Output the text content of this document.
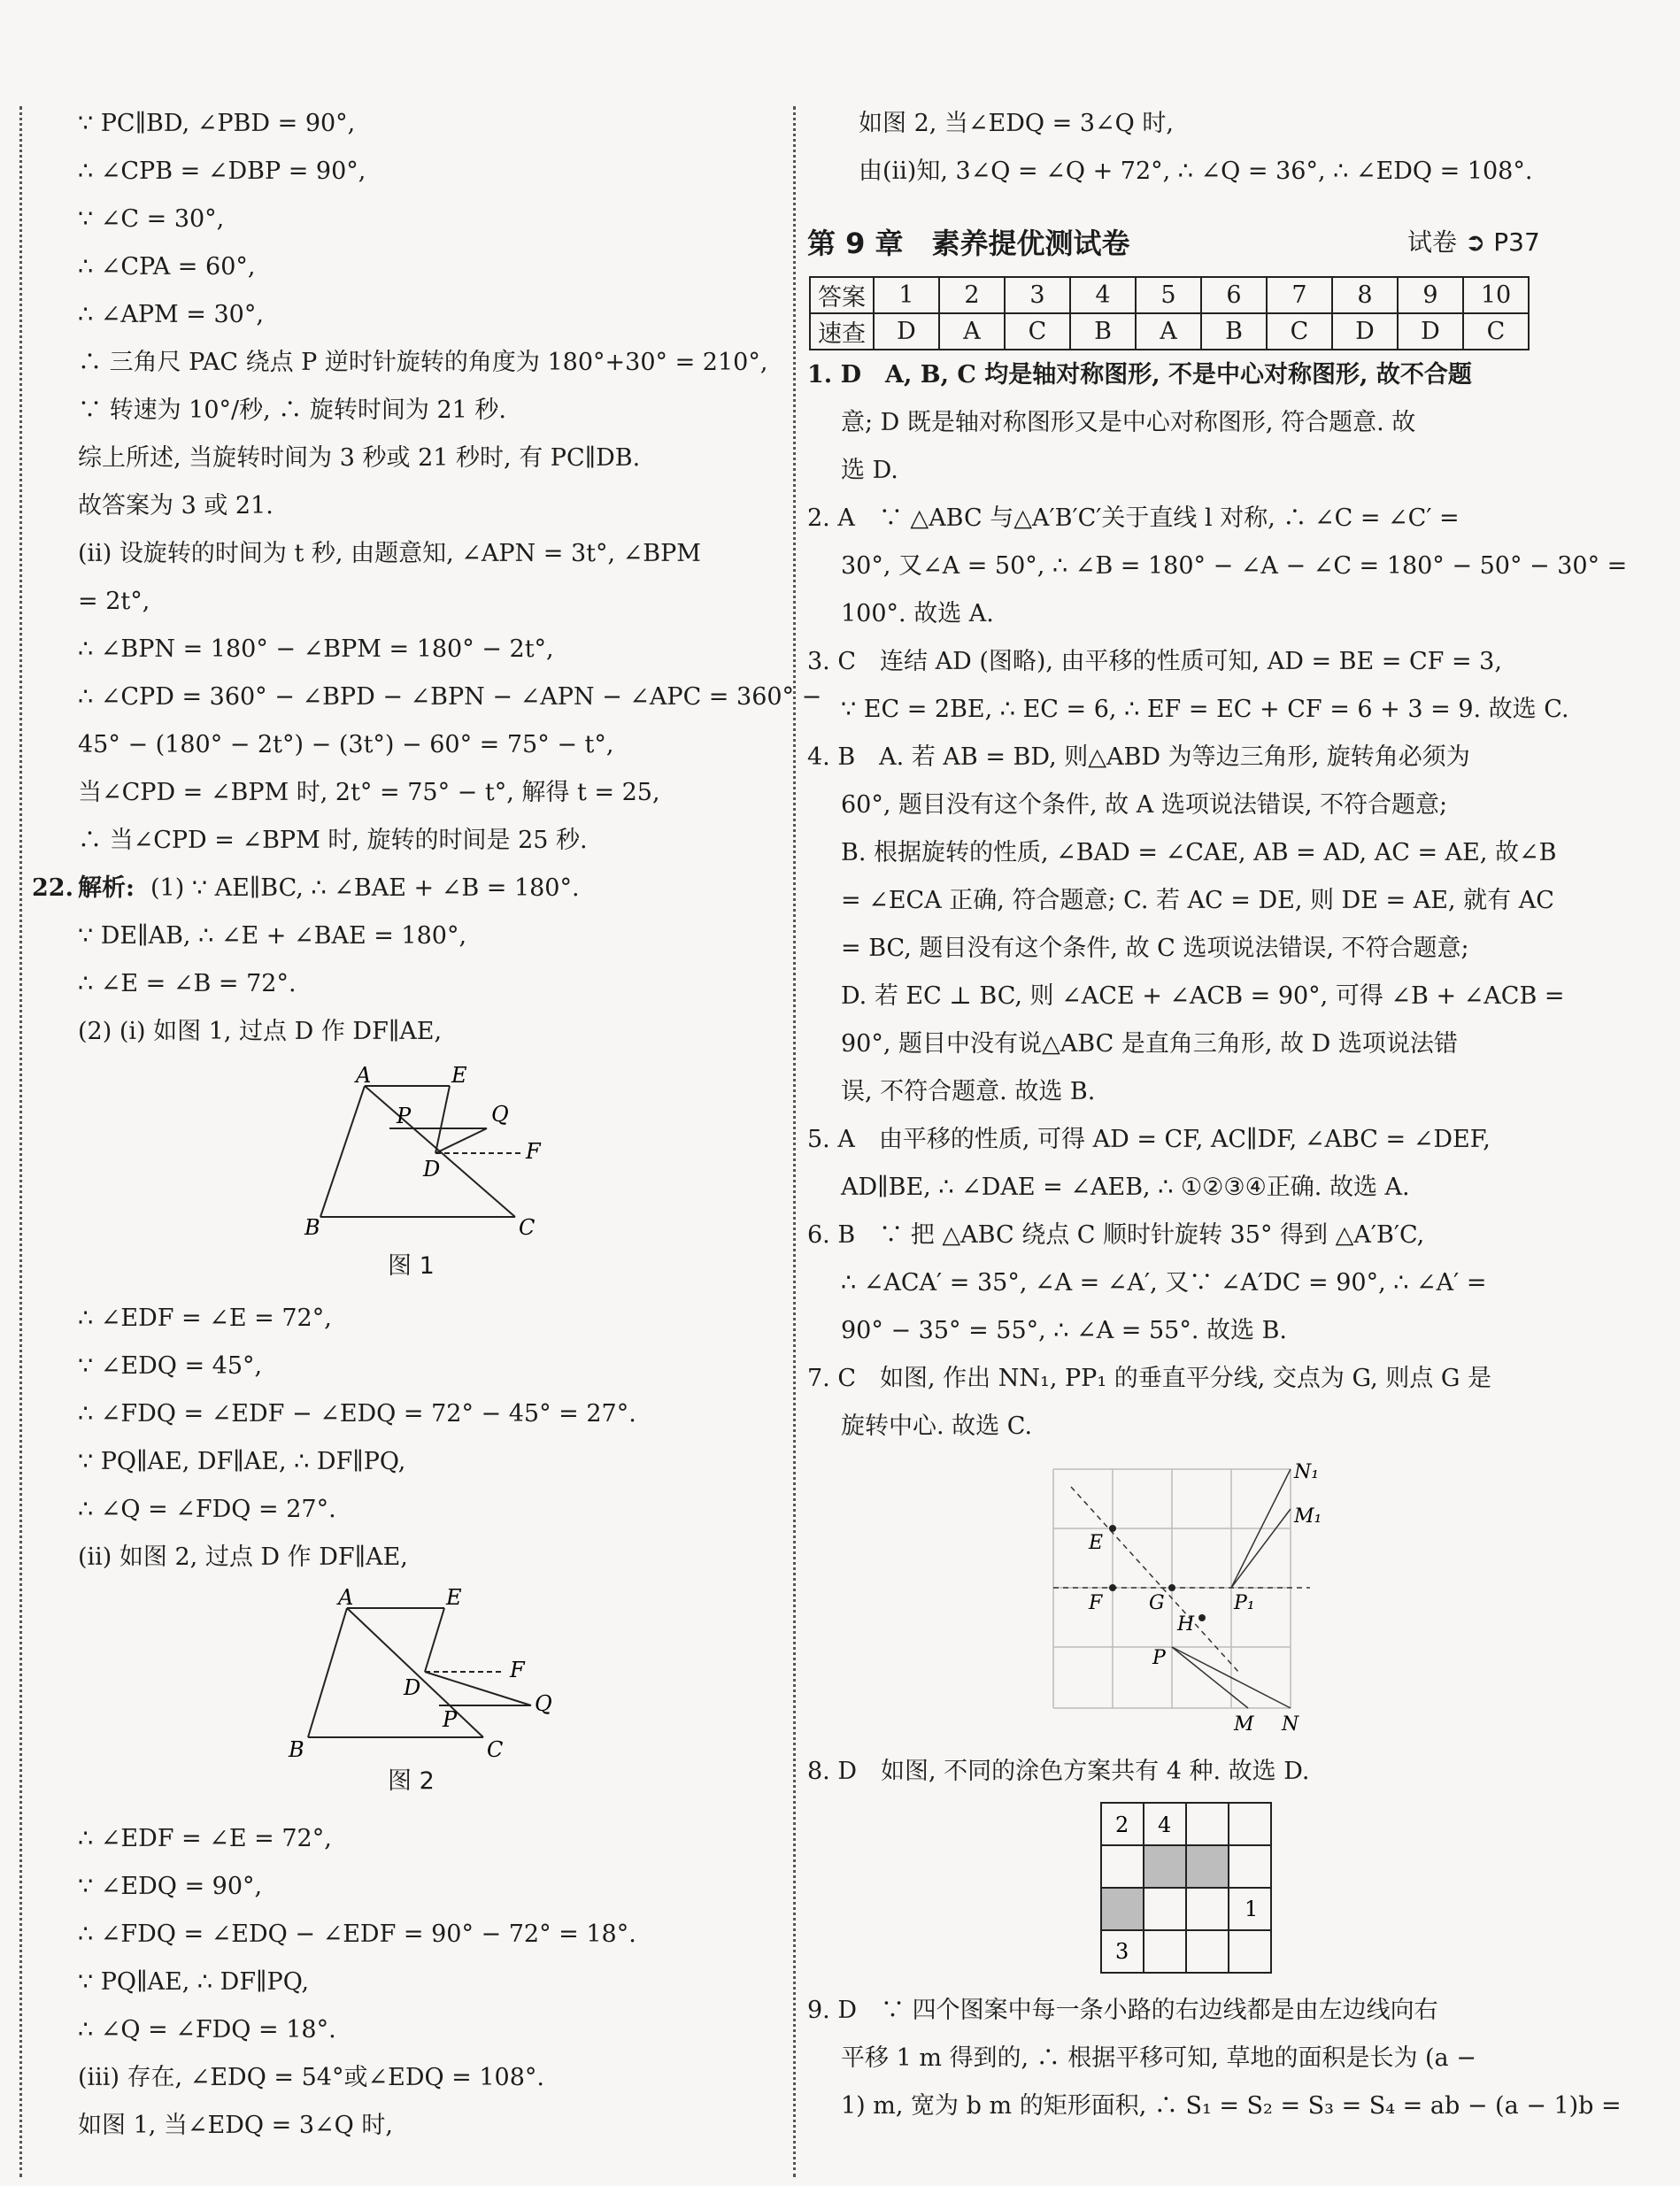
∵ PC∥BD, ∠PBD = 90°,
∴ ∠CPB = ∠DBP = 90°,
∵ ∠C = 30°,
∴ ∠CPA = 60°,
∴ ∠APM = 30°,
∴ 三角尺 PAC 绕点 P 逆时针旋转的角度为 180°+30° = 210°,
∵ 转速为 10°/秒, ∴ 旋转时间为 21 秒.
综上所述, 当旋转时间为 3 秒或 21 秒时, 有 PC∥DB.
故答案为 3 或 21.
(ⅱ) 设旋转的时间为 t 秒, 由题意知, ∠APN = 3t°, ∠BPM
= 2t°,
∴ ∠BPN = 180° − ∠BPM = 180° − 2t°,
∴ ∠CPD = 360° − ∠BPD − ∠BPN − ∠APN − ∠APC = 360° −
45° − (180° − 2t°) − (3t°) − 60° = 75° − t°,
当∠CPD = ∠BPM 时, 2t° = 75° − t°, 解得 t = 25,
∴ 当∠CPD = ∠BPM 时, 旋转的时间是 25 秒.
22. 解析: (1) ∵ AE∥BC, ∴ ∠BAE + ∠B = 180°.
∵ DE∥AB, ∴ ∠E + ∠BAE = 180°,
∴ ∠E = ∠B = 72°.
(2) (ⅰ) 如图 1, 过点 D 作 DF∥AE,
A	E
P	Q
F
D
B	C
图 1
∴ ∠EDF = ∠E = 72°,
∵ ∠EDQ = 45°,
∴ ∠FDQ = ∠EDF − ∠EDQ = 72° − 45° = 27°.
∵ PQ∥AE, DF∥AE, ∴ DF∥PQ,
∴ ∠Q = ∠FDQ = 27°.
(ⅱ) 如图 2, 过点 D 作 DF∥AE,
A	E
F
D
Q
P
B	C
图 2
∴ ∠EDF = ∠E = 72°,
∵ ∠EDQ = 90°,
∴ ∠FDQ = ∠EDQ − ∠EDF = 90° − 72° = 18°.
∵ PQ∥AE, ∴ DF∥PQ,
∴ ∠Q = ∠FDQ = 18°.
(ⅲ) 存在, ∠EDQ = 54°或∠EDQ = 108°.
如图 1, 当∠EDQ = 3∠Q 时,
如图 2, 当∠EDQ = 3∠Q 时,
由(ⅱ)知, 3∠Q = ∠Q + 72°, ∴ ∠Q = 36°, ∴ ∠EDQ = 108°.
第 9 章　素养提优测试卷	试卷 ➲ P37
答案	1	2	3	4	5	6	7	8	9	10
速查	D	A	C	B	A	B	C	D	D	C
1. D　A, B, C 均是轴对称图形, 不是中心对称图形, 故不合题
意; D 既是轴对称图形又是中心对称图形, 符合题意. 故
选 D.
2. A　∵ △ABC 与△A′B′C′关于直线 l 对称, ∴ ∠C = ∠C′ =
30°, 又∠A = 50°, ∴ ∠B = 180° − ∠A − ∠C = 180° − 50° − 30° =
100°. 故选 A.
3. C　连结 AD (图略), 由平移的性质可知, AD = BE = CF = 3,
∵ EC = 2BE, ∴ EC = 6, ∴ EF = EC + CF = 6 + 3 = 9. 故选 C.
4. B　A. 若 AB = BD, 则△ABD 为等边三角形, 旋转角必须为
60°, 题目没有这个条件, 故 A 选项说法错误, 不符合题意;
B. 根据旋转的性质, ∠BAD = ∠CAE, AB = AD, AC = AE, 故∠B
= ∠ECA 正确, 符合题意; C. 若 AC = DE, 则 DE = AE, 就有 AC
= BC, 题目没有这个条件, 故 C 选项说法错误, 不符合题意;
D. 若 EC ⊥ BC, 则 ∠ACE + ∠ACB = 90°, 可得 ∠B + ∠ACB =
90°, 题目中没有说△ABC 是直角三角形, 故 D 选项说法错
误, 不符合题意. 故选 B.
5. A　由平移的性质, 可得 AD = CF, AC∥DF, ∠ABC = ∠DEF,
AD∥BE, ∴ ∠DAE = ∠AEB, ∴ ①②③④正确. 故选 A.
6. B　∵ 把 △ABC 绕点 C 顺时针旋转 35° 得到 △A′B′C,
∴ ∠ACA′ = 35°, ∠A = ∠A′, 又∵ ∠A′DC = 90°, ∴ ∠A′ =
90° − 35° = 55°, ∴ ∠A = 55°. 故选 B.
7. C　如图, 作出 NN₁, PP₁ 的垂直平分线, 交点为 G, 则点 G 是
旋转中心. 故选 C.
N₁
M₁
E
F G	P₁
H
P
M N
8. D　如图, 不同的涂色方案共有 4 种. 故选 D.
2 4
1
3
9. D　∵ 四个图案中每一条小路的右边线都是由左边线向右
平移 1 m 得到的, ∴ 根据平移可知, 草地的面积是长为 (a −
1) m, 宽为 b m 的矩形面积, ∴ S₁ = S₂ = S₃ = S₄ = ab − (a − 1)b =
